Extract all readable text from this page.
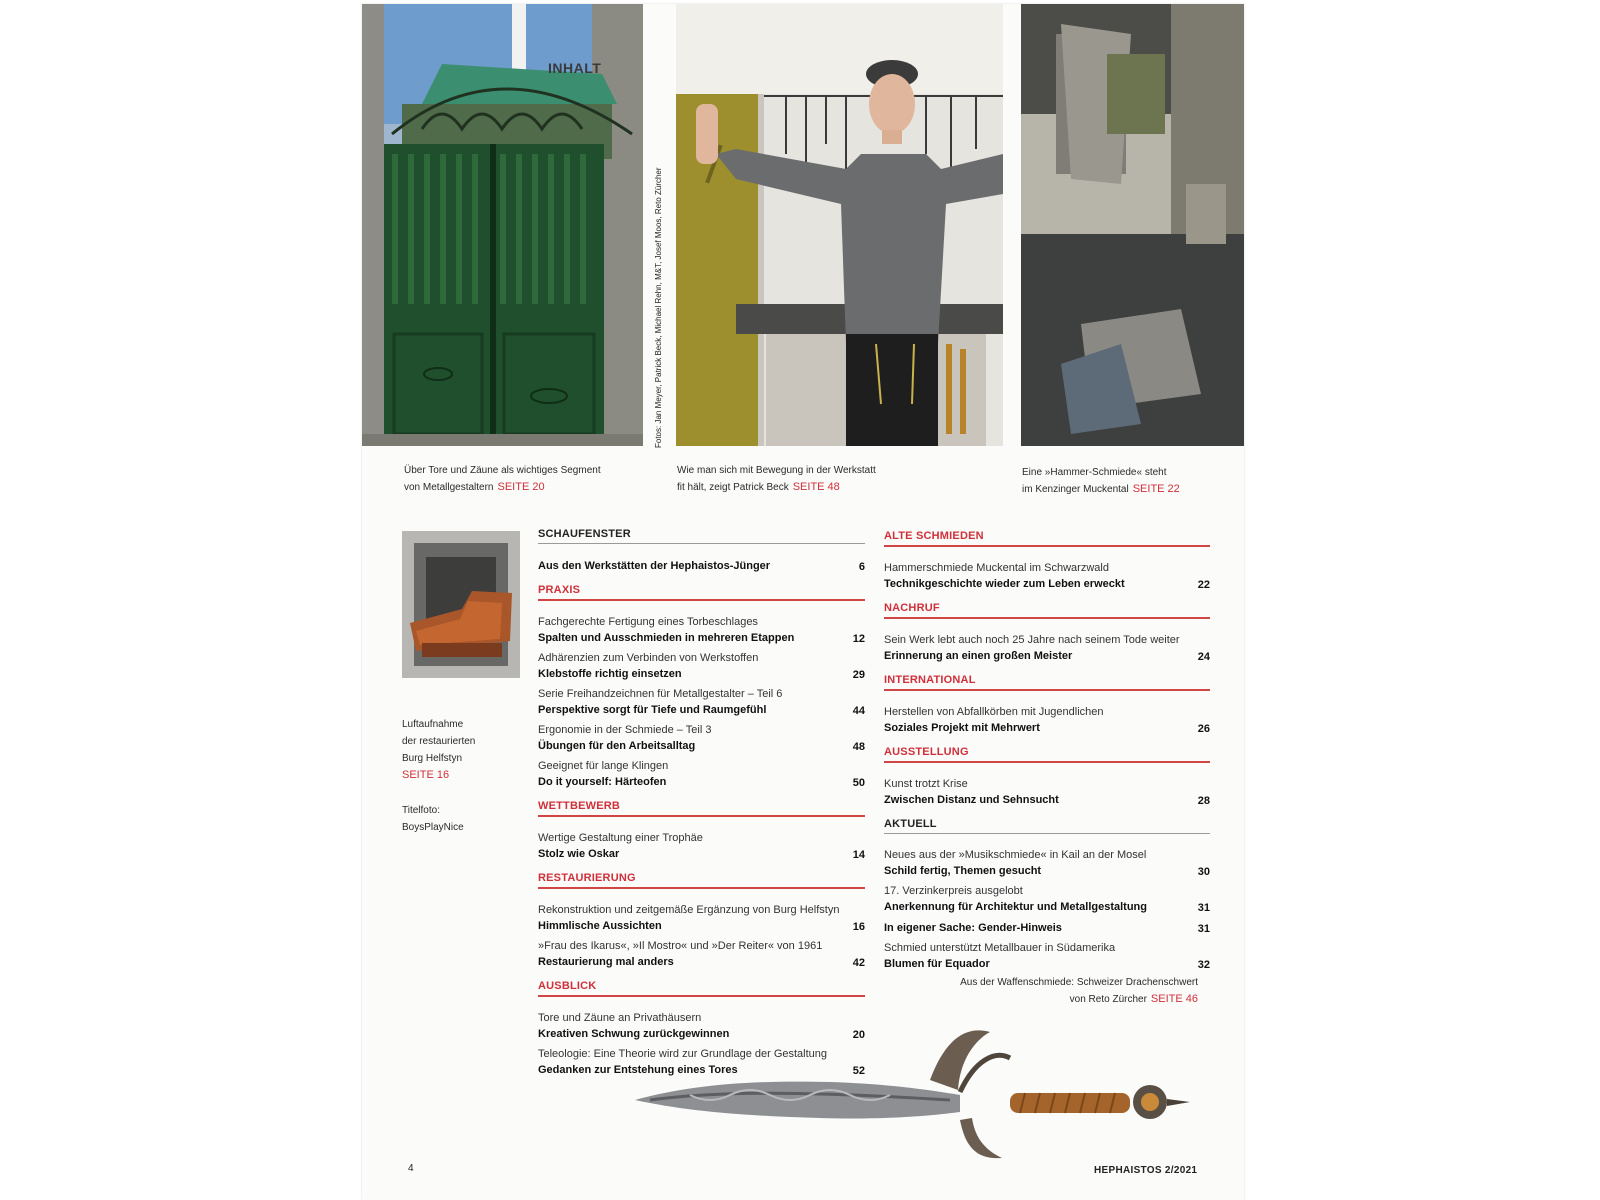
INHALT
Fotos: Jan Meyer, Patrick Beck, Michael Rehn, M&T, Josef Moos, Reto Zürcher
Über Tore und Zäune als wichtiges Segment
von Metallgestaltern SEITE 20
Wie man sich mit Bewegung in der Werkstatt
fit hält, zeigt Patrick Beck SEITE 48
Eine »Hammer-Schmiede« steht
im Kenzinger Muckental SEITE 22
Luftaufnahme
der restaurierten
Burg Helfstyn
SEITE 16
Titelfoto:
BoysPlayNice
SCHAUFENSTER
Aus den Werkstätten der Hephaistos-Jünger	6
PRAXIS
Fachgerechte Fertigung eines Torbeschlages
Spalten und Ausschmieden in mehreren Etappen	12
Adhärenzien zum Verbinden von Werkstoffen
Klebstoffe richtig einsetzen	29
Serie Freihandzeichnen für Metallgestalter – Teil 6
Perspektive sorgt für Tiefe und Raumgefühl	44
Ergonomie in der Schmiede – Teil 3
Übungen für den Arbeitsalltag	48
Geeignet für lange Klingen
Do it yourself: Härteofen	50
WETTBEWERB
Wertige Gestaltung einer Trophäe
Stolz wie Oskar	14
RESTAURIERUNG
Rekonstruktion und zeitgemäße Ergänzung von Burg Helfstyn
Himmlische Aussichten	16
»Frau des Ikarus«, »Il Mostro« und »Der Reiter« von 1961
Restaurierung mal anders	42
AUSBLICK
Tore und Zäune an Privathäusern
Kreativen Schwung zurückgewinnen	20
Teleologie: Eine Theorie wird zur Grundlage der Gestaltung
Gedanken zur Entstehung eines Tores	52
ALTE SCHMIEDEN
Hammerschmiede Muckental im Schwarzwald
Technikgeschichte wieder zum Leben erweckt	22
NACHRUF
Sein Werk lebt auch noch 25 Jahre nach seinem Tode weiter
Erinnerung an einen großen Meister	24
INTERNATIONAL
Herstellen von Abfallkörben mit Jugendlichen
Soziales Projekt mit Mehrwert	26
AUSSTELLUNG
Kunst trotzt Krise
Zwischen Distanz und Sehnsucht	28
AKTUELL
Neues aus der »Musikschmiede« in Kail an der Mosel
Schild fertig, Themen gesucht	30
17. Verzinkerpreis ausgelobt
Anerkennung für Architektur und Metallgestaltung	31
In eigener Sache: Gender-Hinweis	31
Schmied unterstützt Metallbauer in Südamerika
Blumen für Equador	32
Aus der Waffenschmiede: Schweizer Drachenschwert
von Reto Zürcher SEITE 46
4	HEPHAISTOS 2/2021
